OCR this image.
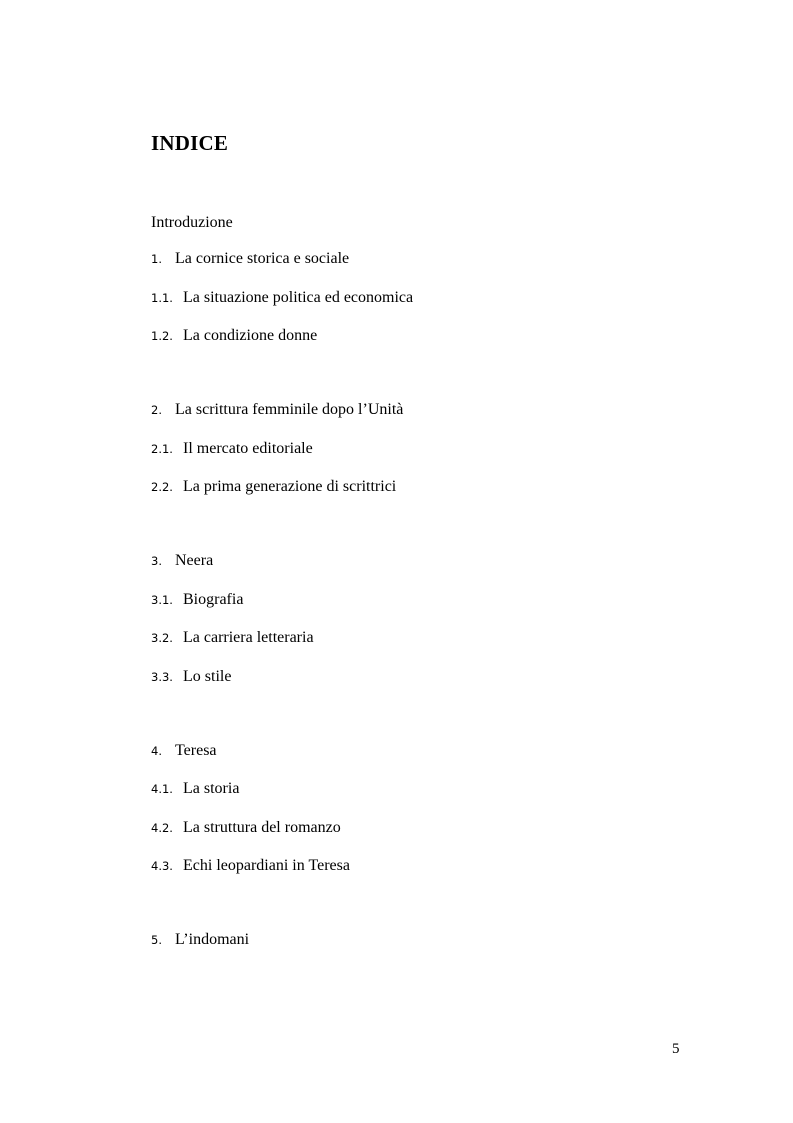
INDICE
Introduzione
1. La cornice storica e sociale
1.1. La situazione politica ed economica
1.2. La condizione donne
2. La scrittura femminile dopo l’Unità
2.1. Il mercato editoriale
2.2. La prima generazione di scrittrici
3. Neera
3.1. Biografia
3.2. La carriera letteraria
3.3. Lo stile
4. Teresa
4.1. La storia
4.2. La struttura del romanzo
4.3. Echi leopardiani in Teresa
5. L’indomani
5
